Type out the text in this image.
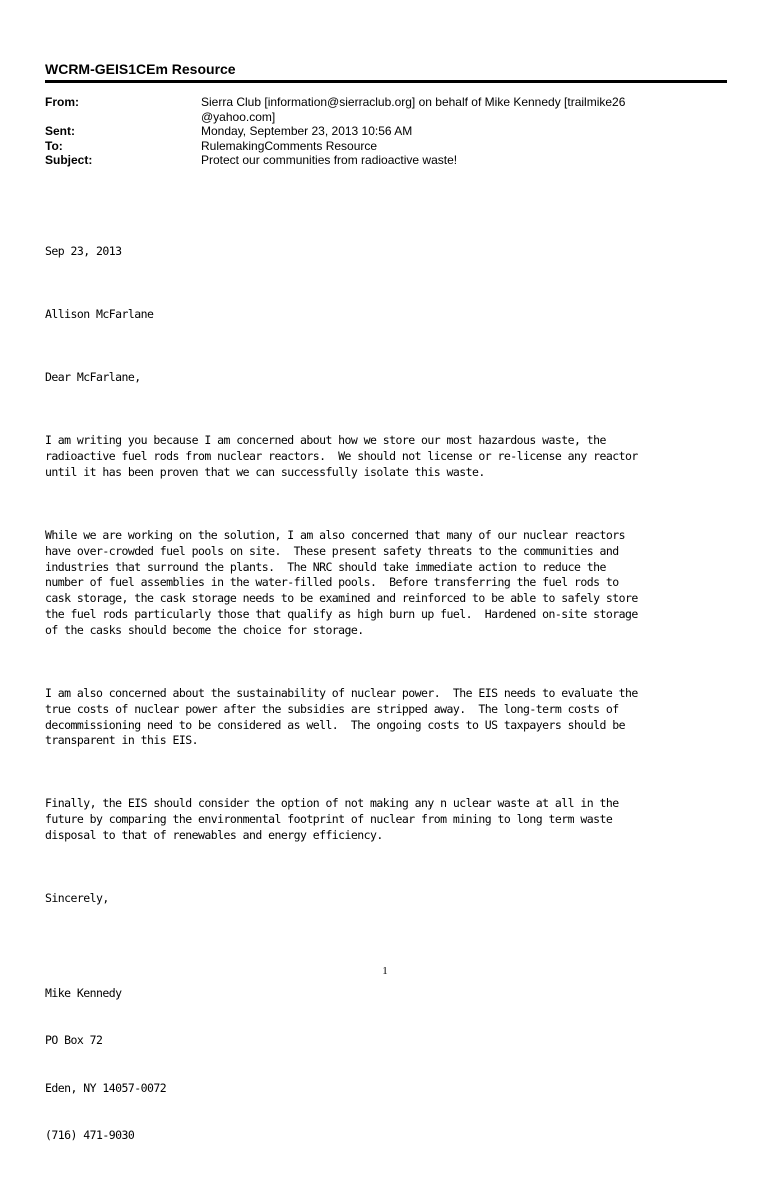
WCRM-GEIS1CEm Resource
From:	Sierra Club [information@sierraclub.org] on behalf of Mike Kennedy [trailmike26
@yahoo.com]
Sent:	Monday, September 23, 2013 10:56 AM
To:	RulemakingComments Resource
Subject:	Protect our communities from radioactive waste!

Sep 23, 2013

Allison McFarlane

Dear McFarlane,

I am writing you because I am concerned about how we store our most hazardous waste, the
radioactive fuel rods from nuclear reactors.  We should not license or re-license any reactor
until it has been proven that we can successfully isolate this waste.

While we are working on the solution, I am also concerned that many of our nuclear reactors
have over-crowded fuel pools on site.  These present safety threats to the communities and
industries that surround the plants.  The NRC should take immediate action to reduce the
number of fuel assemblies in the water-filled pools.  Before transferring the fuel rods to
cask storage, the cask storage needs to be examined and reinforced to be able to safely store
the fuel rods particularly those that qualify as high burn up fuel.  Hardened on-site storage
of the casks should become the choice for storage.

I am also concerned about the sustainability of nuclear power.  The EIS needs to evaluate the
true costs of nuclear power after the subsidies are stripped away.  The long-term costs of
decommissioning need to be considered as well.  The ongoing costs to US taxpayers should be
transparent in this EIS.

Finally, the EIS should consider the option of not making any n uclear waste at all in the
future by comparing the environmental footprint of nuclear from mining to long term waste
disposal to that of renewables and energy efficiency.

Sincerely,

Mike Kennedy

PO Box 72

Eden, NY 14057-0072

(716) 471-9030

1
